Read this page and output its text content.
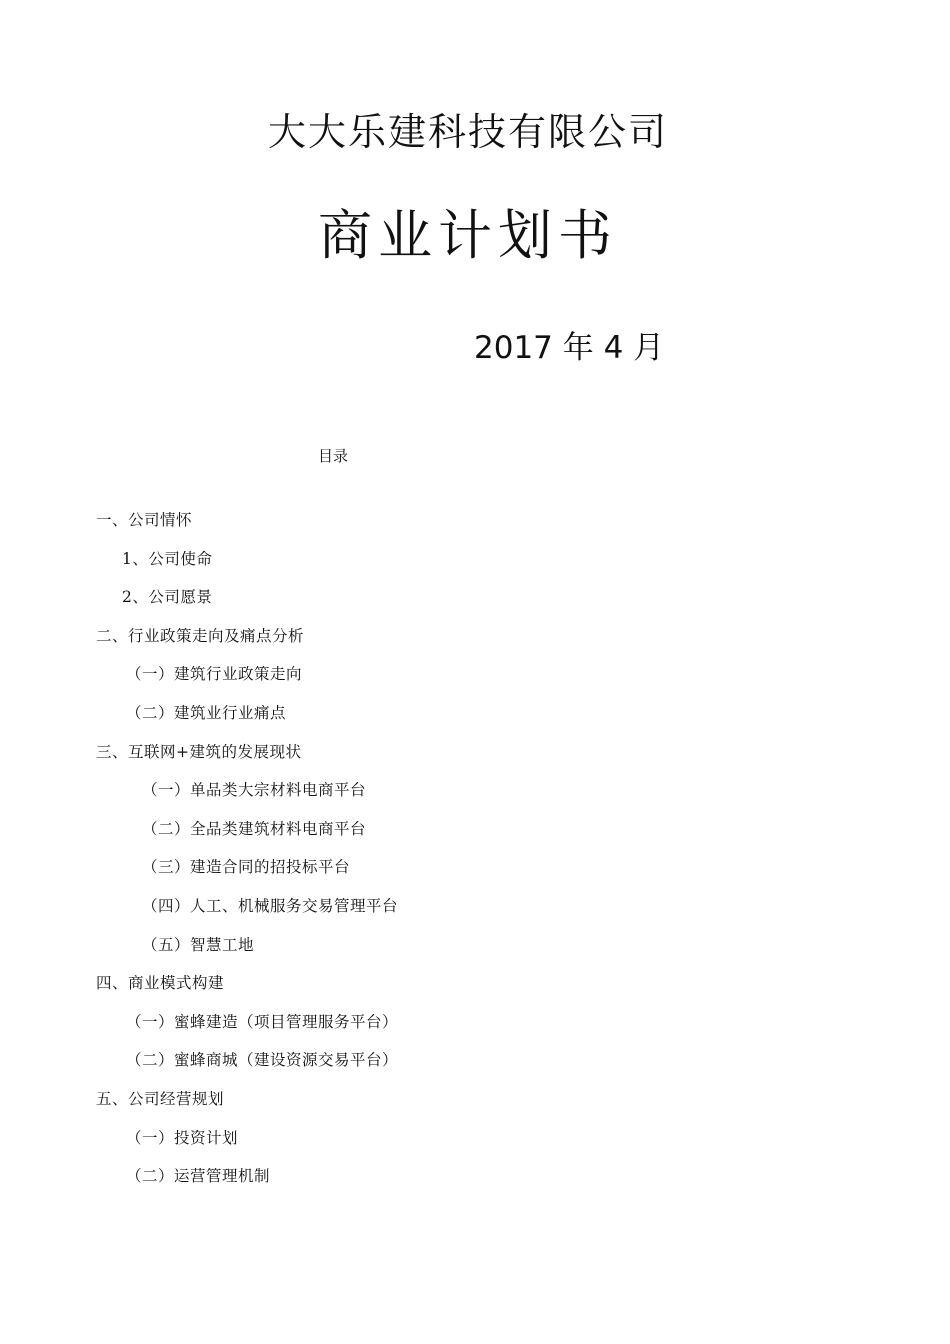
大大乐建科技有限公司
商业计划书
2017 年 4 月
目录
一、公司情怀
1、公司使命
2、公司愿景
二、行业政策走向及痛点分析
（一）建筑行业政策走向
（二）建筑业行业痛点
三、互联网+建筑的发展现状
（一）单品类大宗材料电商平台
（二）全品类建筑材料电商平台
（三）建造合同的招投标平台
（四）人工、机械服务交易管理平台
（五）智慧工地
四、商业模式构建
（一）蜜蜂建造（项目管理服务平台）
（二）蜜蜂商城（建设资源交易平台）
五、公司经营规划
（一）投资计划
（二）运营管理机制
